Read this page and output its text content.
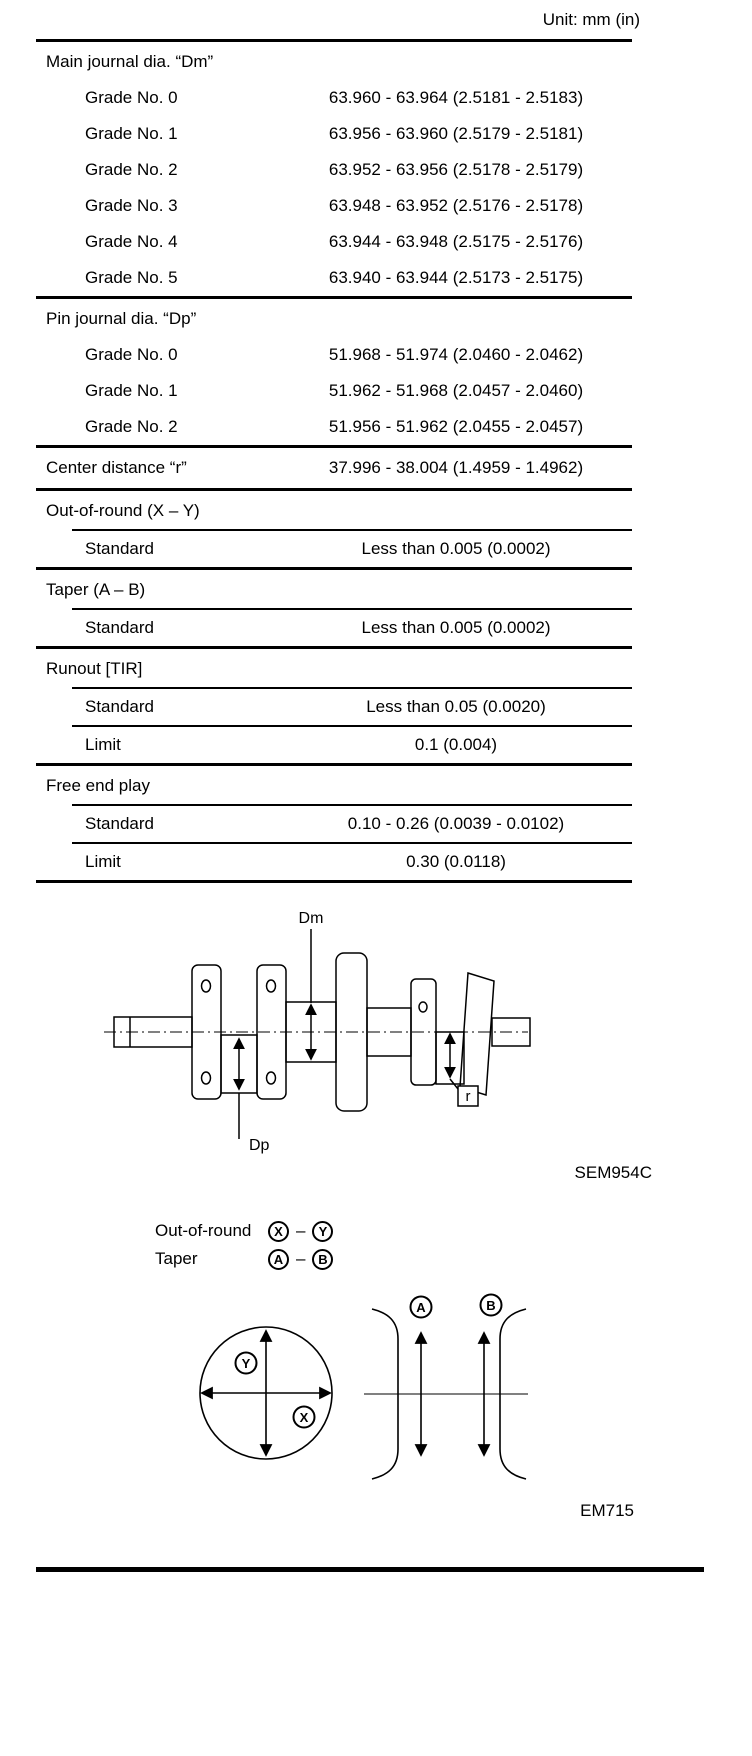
Unit: mm (in)
Main journal dia. “Dm”
Grade No. 0	63.960 - 63.964 (2.5181 - 2.5183)
Grade No. 1	63.956 - 63.960 (2.5179 - 2.5181)
Grade No. 2	63.952 - 63.956 (2.5178 - 2.5179)
Grade No. 3	63.948 - 63.952 (2.5176 - 2.5178)
Grade No. 4	63.944 - 63.948 (2.5175 - 2.5176)
Grade No. 5	63.940 - 63.944 (2.5173 - 2.5175)
Pin journal dia. “Dp”
Grade No. 0	51.968 - 51.974 (2.0460 - 2.0462)
Grade No. 1	51.962 - 51.968 (2.0457 - 2.0460)
Grade No. 2	51.956 - 51.962 (2.0455 - 2.0457)
Center distance “r”	37.996 - 38.004 (1.4959 - 1.4962)
Out-of-round (X – Y)
Standard	Less than 0.005 (0.0002)
Taper (A – B)
Standard	Less than 0.005 (0.0002)
Runout [TIR]
Standard	Less than 0.05 (0.0020)
Limit	0.1 (0.004)
Free end play
Standard	0.10 - 0.26 (0.0039 - 0.0102)
Limit	0.30 (0.0118)
Dm
Dp
r
SEM954C
Out-of-round	X –	Y
Taper	A – B
Y
X
A	B
EM715
